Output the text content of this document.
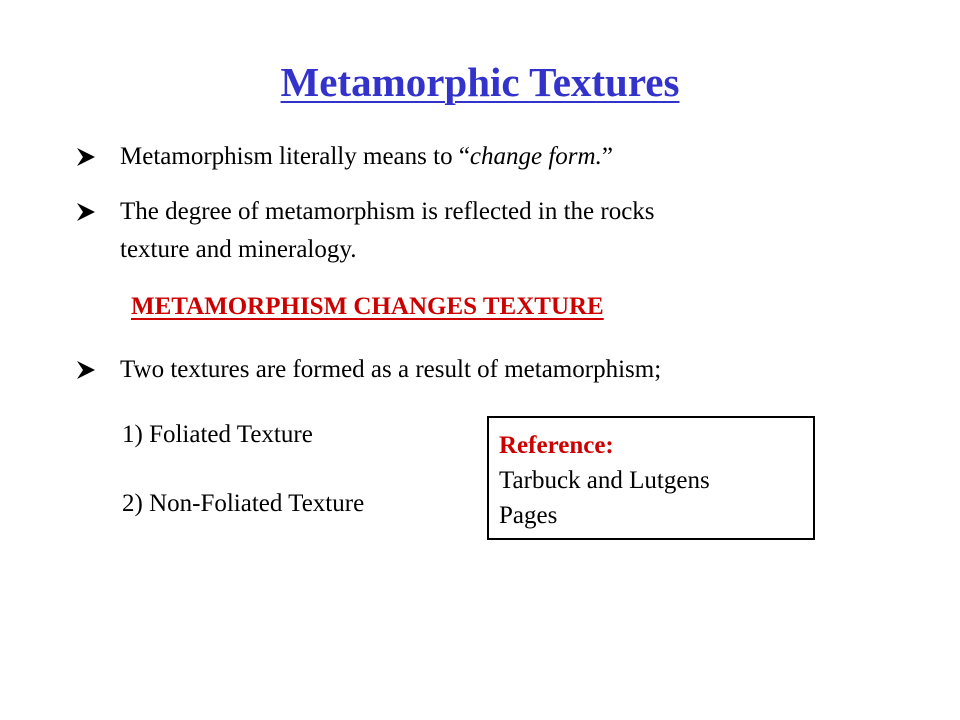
Metamorphic Textures
Metamorphism literally means to “change form.”
The degree of metamorphism is reflected in the rocks
texture and mineralogy.
METAMORPHISM CHANGES TEXTURE
Two textures are formed as a result of metamorphism;
1) Foliated Texture
2) Non-Foliated Texture
Reference:
Tarbuck and Lutgens
Pages
